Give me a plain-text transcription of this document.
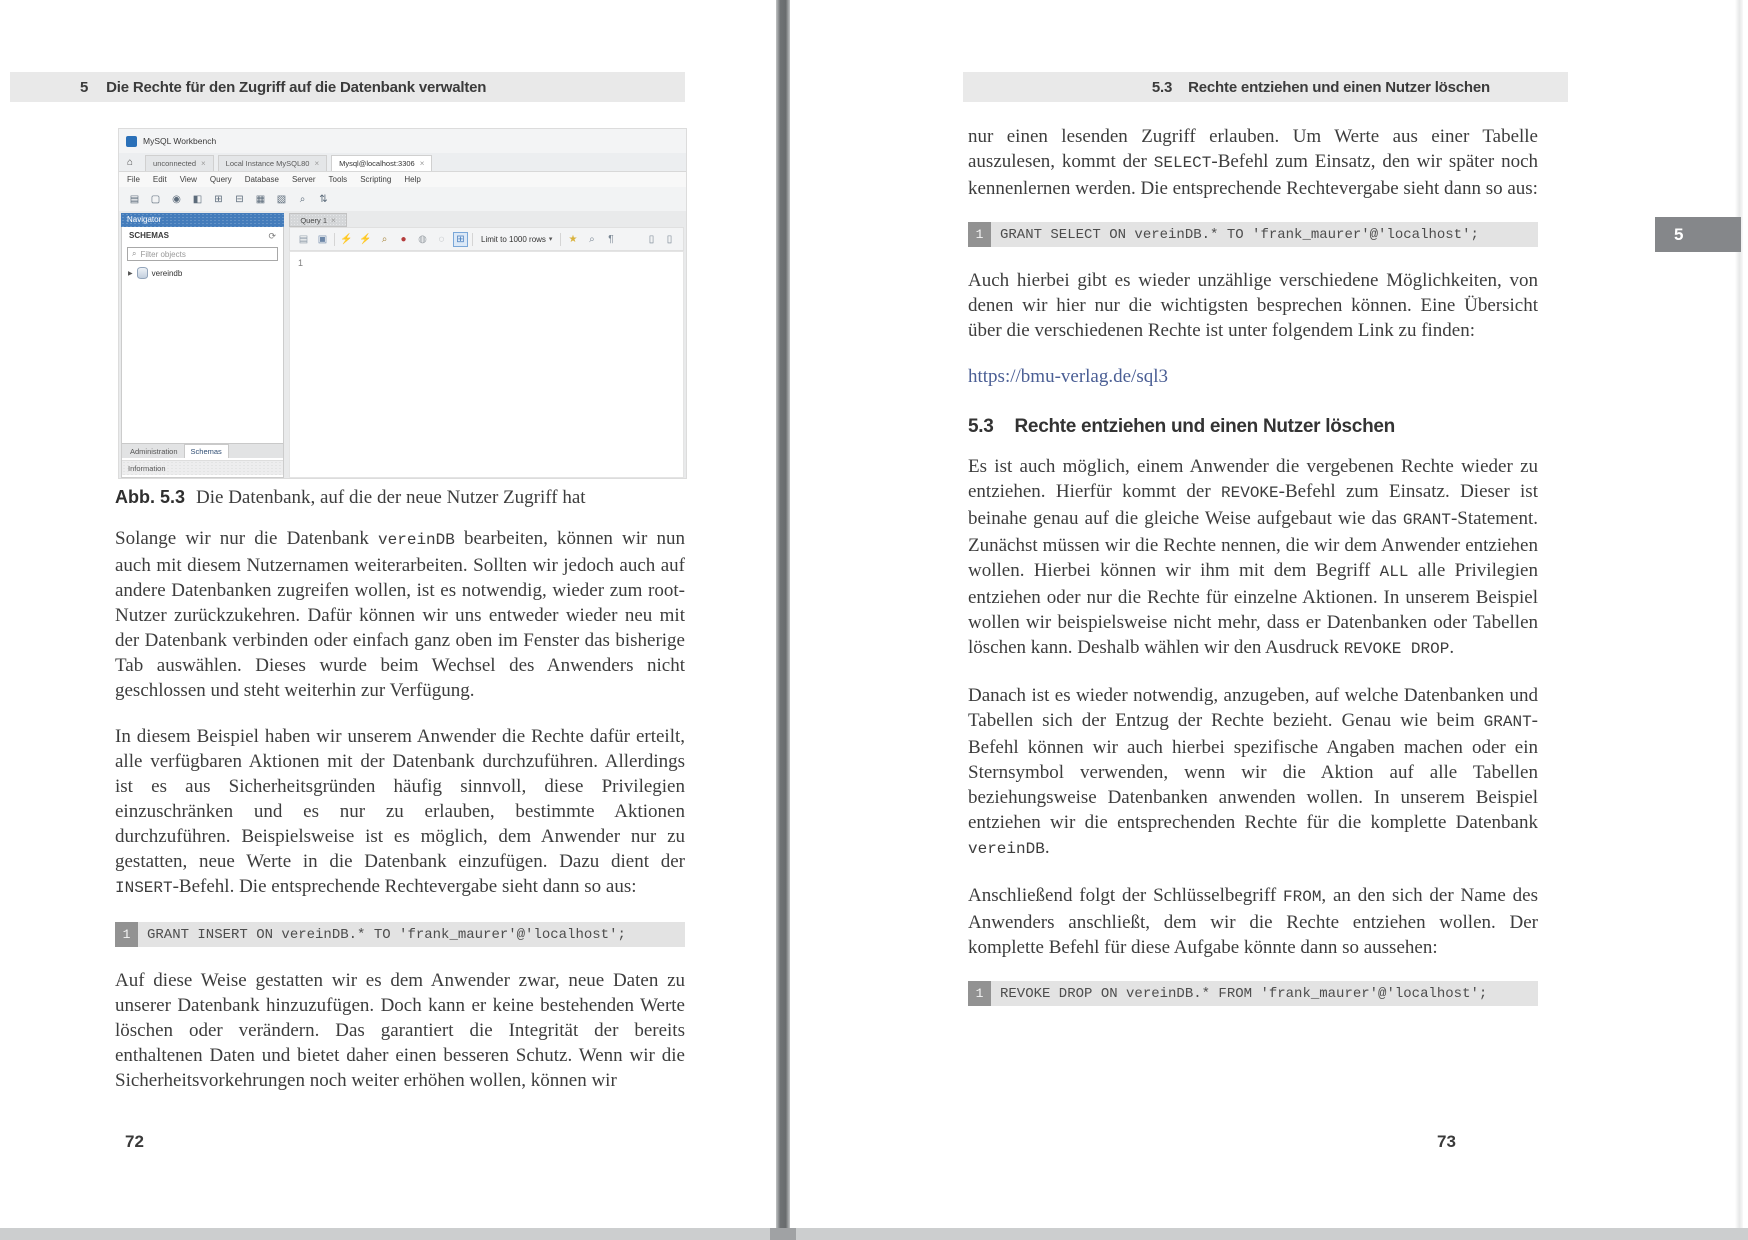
5 Die Rechte für den Zugriff auf die Datenbank verwalten
MySQL Workbench
⌂	unconnected ×	Local Instance MySQL80 ×	Mysql@localhost:3306 ×
File Edit View Query Database Server Tools Scripting Help
▤ ▢	◉	◧	⊞	⊟	▦ ▧	⌕	⇅
Navigator
SCHEMAS	⟳
⌕
Filter objects
▶ vereindb
Administration	Schemas
Information
Query 1 ×
▤ ▣ ⚡ ⚡ ⌕	●	◍	◌	⊞	Limit to 1000 rows ▾	★	⌕	¶	▯	▯
1
Abb. 5.3 Die Datenbank, auf die der neue Nutzer Zugriff hat

Solange wir nur die Datenbank vereinDB bearbeiten, können wir nun auch mit diesem Nutzernamen weiterarbeiten. Sollten wir jedoch auch auf andere Datenbanken zugreifen wollen, ist es notwendig, wieder zum root-Nutzer zurückzukehren. Dafür können wir uns entweder wieder neu mit der Datenbank verbinden oder einfach ganz oben im Fenster das bisherige Tab auswählen. Dieses wurde beim Wechsel des Anwenders nicht geschlossen und steht weiterhin zur Verfügung.

In diesem Beispiel haben wir unserem Anwender die Rechte dafür erteilt, alle verfügbaren Aktionen mit der Datenbank durchzuführen. Allerdings ist es aus Sicherheitsgründen häufig sinnvoll, diese Privilegien einzuschränken und es nur zu erlauben, bestimmte Aktionen durchzuführen. Beispielsweise ist es möglich, dem Anwender nur zu gestatten, neue Werte in die Datenbank einzufügen. Dazu dient der INSERT-Befehl. Die entsprechende Rechtevergabe sieht dann so aus:

1	GRANT INSERT ON vereinDB.* TO 'frank_maurer'@'localhost';

Auf diese Weise gestatten wir es dem Anwender zwar, neue Daten zu unserer Datenbank hinzuzufügen. Doch kann er keine bestehenden Werte löschen oder verändern. Das garantiert die Integrität der bereits enthaltenen Daten und bietet daher einen besseren Schutz. Wenn wir die Sicherheitsvorkehrungen noch weiter erhöhen wollen, können wir

72
5.3 Rechte entziehen und einen Nutzer löschen
5

nur einen lesenden Zugriff erlauben. Um Werte aus einer Tabelle auszulesen, kommt der SELECT-Befehl zum Einsatz, den wir später noch kennenlernen werden. Die entsprechende Rechtevergabe sieht dann so aus:

1	GRANT SELECT ON vereinDB.* TO 'frank_maurer'@'localhost';

Auch hierbei gibt es wieder unzählige verschiedene Möglichkeiten, von denen wir hier nur die wichtigsten besprechen können. Eine Übersicht über die verschiedenen Rechte ist unter folgendem Link zu finden:

https://bmu-verlag.de/sql3

5.3 Rechte entziehen und einen Nutzer löschen

Es ist auch möglich, einem Anwender die vergebenen Rechte wieder zu entziehen. Hierfür kommt der REVOKE-Befehl zum Einsatz. Dieser ist beinahe genau auf die gleiche Weise aufgebaut wie das GRANT-Statement. Zunächst müssen wir die Rechte nennen, die wir dem Anwender entziehen wollen. Hierbei können wir ihm mit dem Begriff ALL alle Privilegien entziehen oder nur die Rechte für einzelne Aktionen. In unserem Beispiel wollen wir beispielsweise nicht mehr, dass er Datenbanken oder Tabellen löschen kann. Deshalb wählen wir den Ausdruck REVOKE DROP.

Danach ist es wieder notwendig, anzugeben, auf welche Datenbanken und Tabellen sich der Entzug der Rechte bezieht. Genau wie beim GRANT-Befehl können wir auch hierbei spezifische Angaben machen oder ein Sternsymbol verwenden, wenn wir die Aktion auf alle Tabellen beziehungsweise Datenbanken anwenden wollen. In unserem Beispiel entziehen wir die entsprechenden Rechte für die komplette Datenbank vereinDB.

Anschließend folgt der Schlüsselbegriff FROM, an den sich der Name des Anwenders anschließt, dem wir die Rechte entziehen wollen. Der komplette Befehl für diese Aufgabe könnte dann so aussehen:

1	REVOKE DROP ON vereinDB.* FROM 'frank_maurer'@'localhost';
73
